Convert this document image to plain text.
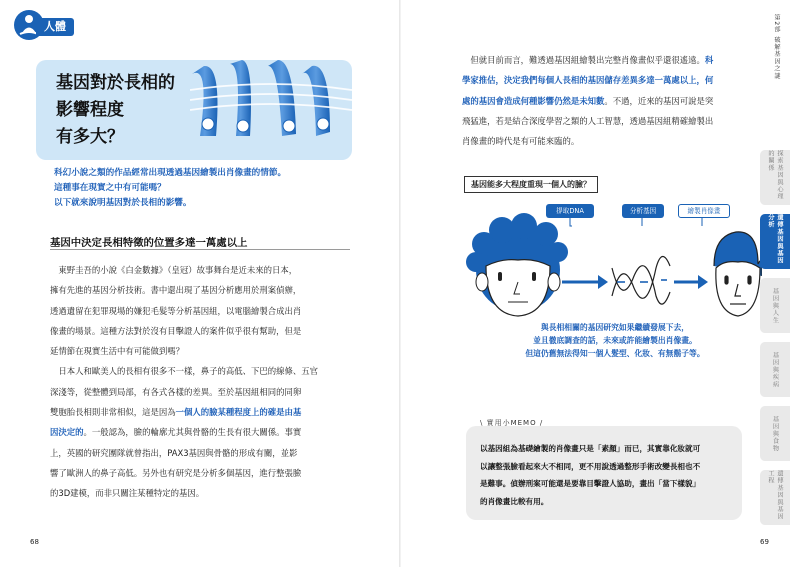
人體
基因對於長相的
影響程度
有多大？
科幻小說之類的作品經常出現透過基因繪製出肖像畫的情節。
這種事在現實之中有可能嗎？
以下就來說明基因對於長相的影響。
基因中決定長相特徵的位置多達一萬處以上
東野圭吾的小說《白金數據》（皇冠）故事舞台是近未來的日本，
擁有先進的基因分析技術。書中還出現了基因分析應用於刑案偵辦，
透過遺留在犯罪現場的嫌犯毛髮等分析基因組，以電腦繪製合成出肖
像畫的場景。這種方法對於沒有目擊證人的案件似乎很有幫助，但是
延情節在現實生活中有可能做到嗎？
日本人和歐美人的長相有很多不一樣，鼻子的高低、下巴的線條、五官
深淺等，從整體到局部，有各式各樣的差異。至於基因組相同的同卵
雙胞胎長相則非常相似，這是因為一個人的臉某種程度上的確是由基
因決定的。一般認為，臉的輪廓尤其與骨骼的生長有很大關係。事實
上，英國的研究團隊就曾指出，PAX3基因與骨骼的形成有關，並影
響了歐洲人的鼻子高低。另外也有研究是分析多個基因，進行整張臉
的3D建模，而非只關注某種特定的基因。
68
但就目前而言，難透過基因組繪製出完整肖像畫似乎還很遙遠。科
學家推估，決定我們每個人長相的基因儲存差異多達一萬處以上，何
處的基因會造成何種影響仍然是未知數。不過，近來的基因可說是突
飛猛進，若是結合深度學習之類的人工智慧，透過基因組精確繪製出
肖像畫的時代是有可能來臨的。
基因能多大程度重現一個人的臉？
提取DNA	分析基因	繪製肖像畫
與長相相關的基因研究如果繼續發展下去，
並且徹底調查的話，未來或許能繪製出肖像畫。
但這仍舊無法得知一個人髮型、化妝、有無鬍子等。
\ 實用小MEMO /
以基因組為基礎繪製的肖像畫只是「素顏」而已，其實靠化妝就可
以讓整張臉看起來大不相同，更不用說透過整形手術改變長相也不
是難事。偵辦刑案可能還是要靠目擊證人協助，畫出「當下樣貌」
的肖像畫比較有用。
第2部 破解基因之謎
探索基因與心理的關係
遺傳基因與基因分析
基因與人生
基因與疾病
基因與食物
遺傳基因與基因工程
69
